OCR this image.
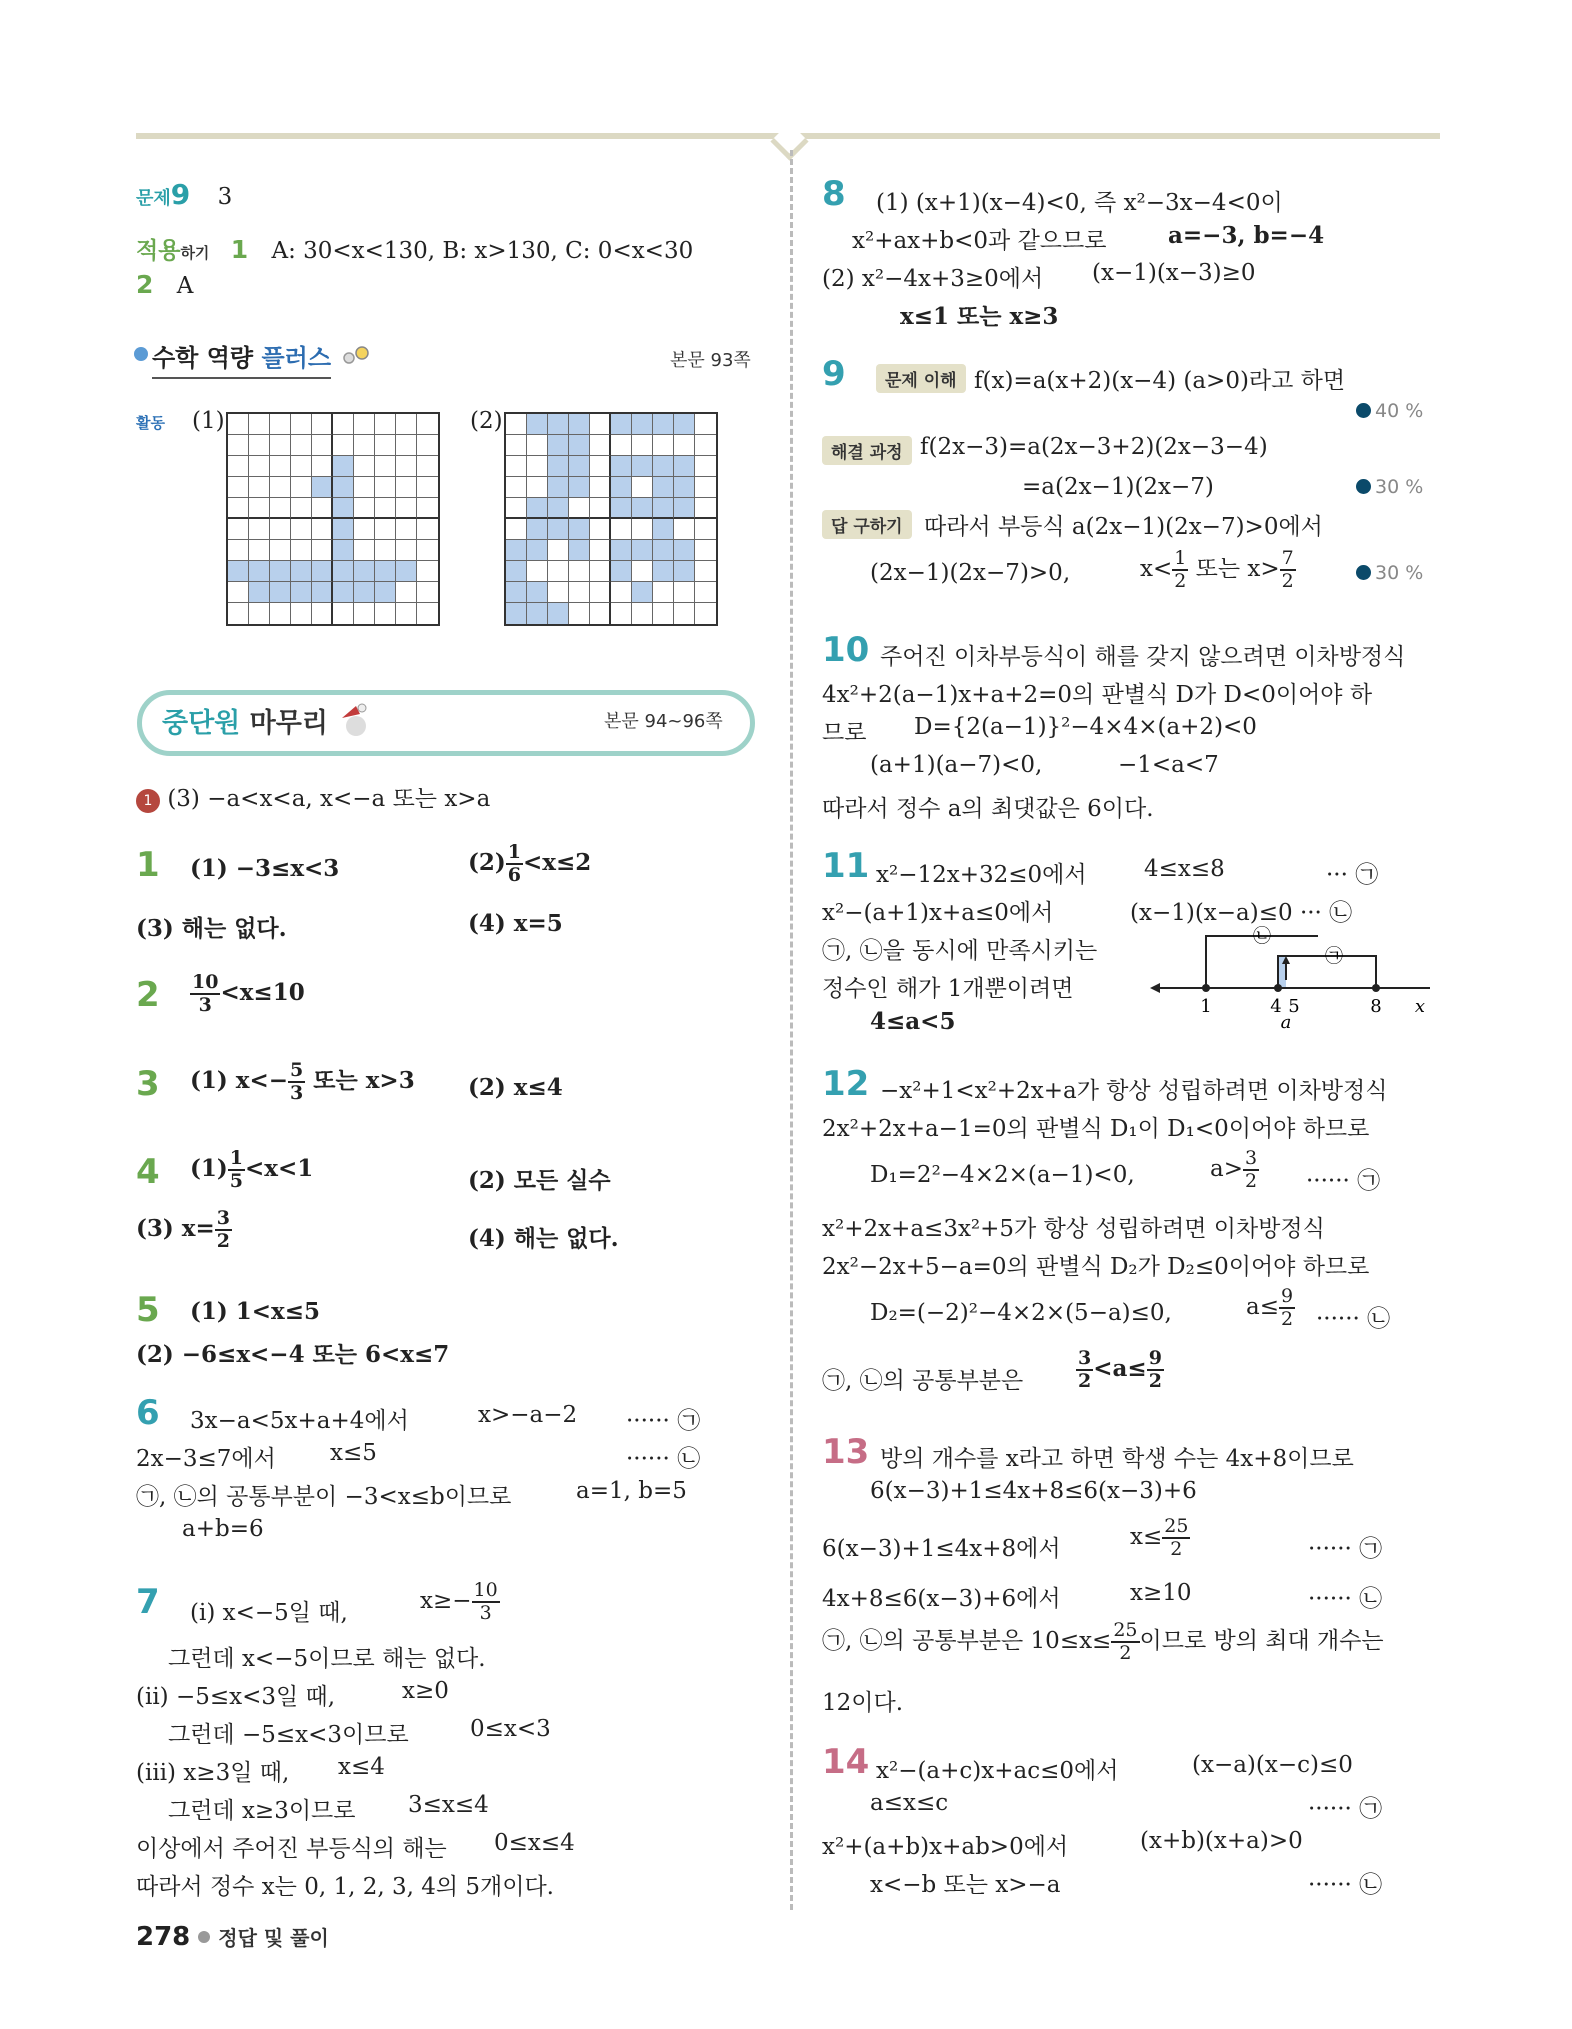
문제9 3
적용하기 1 A: 30<x<130, B: x>130, C: 0<x<30
2 A
수학 역량 플러스	본문 93쪽
활동 (1)	(2)
중단원 마무리	본문 94~96쪽
1 (3) −a<x<a, x<−a 또는 x>a
1 (1) −3≤x<3	$(2) \frac{1}{6} <x\le 2$
(3) 해는 없다.	(4) x=5
$2 \frac{10}{3} <x\le 10$
3 (1) $x<- \frac{5}{3}$ 또는 x>3 (2) x≤4
4 $(1) \frac{1}{5} <x<1$	(2) 모든 실수
(3) $x= \frac{3}{2}$	(4) 해는 없다.
5 (1) 1<x≤5
(2) −6≤x<−4 또는 6<x≤7
6 3x−a<5x+a+4에서	x>−a−2 ······ ㉠
2x−3≤7에서 x≤5	······ ㉡
㉠, ㉡의 공통부분이 −3<x≤b이므로	a=1, b=5
a+b=6
7 (ⅰ) x<−5일 때,	$x\ge- \frac{10}{3}$
그런데 x<−5이므로 해는 없다.
(ⅱ) −5≤x<3일 때,	x≥0
그런데 −5≤x<3이므로	0≤x<3
(ⅲ) x≥3일 때, x≤4
그런데 x≥3이므로 3≤x≤4
이상에서 주어진 부등식의 해는 0≤x≤4
따라서 정수 x는 0, 1, 2, 3, 4의 5개이다.
8 (1) (x+1)(x−4)<0, 즉 x²−3x−4<0이
x²+ax+b<0과 같으므로	a=−3, b=−4
(2) x²−4x+3≥0에서 (x−1)(x−3)≥0
x≤1 또는 x≥3
9	문제 이해 f(x)=a(x+2)(x−4) (a>0)라고 하면
40 %
해결 과정 f(2x−3)=a(2x−3+2)(2x−3−4)
=a(2x−1)(2x−7)	30 %
답 구하기 따라서 부등식 a(2x−1)(2x−7)>0에서
(2x−1)(2x−7)>0,	$x< \frac{1}{2}$ 또는 $x> \frac{7}{2}$	30 %
10 주어진 이차부등식이 해를 갖지 않으려면 이차방정식
4x²+2(a−1)x+a+2=0의 판별식 D가 D<0이어야 하
므로 D={2(a−1)}²−4×4×(a+2)<0
(a+1)(a−7)<0,	−1<a<7
따라서 정수 a의 최댓값은 6이다.
11 x²−12x+32≤0에서 4≤x≤8	··· ㉠
x²−(a+1)x+a≤0에서	(x−1)(x−a)≤0 ··· ㉡
㉠, ㉡을 동시에 만족시키는
정수인 해가 1개뿐이려면
4≤a<5
1	4 5	8 x
a
㉡
㉠
12 −x²+1<x²+2x+a가 항상 성립하려면 이차방정식
2x²+2x+a−1=0의 판별식 D₁이 D₁<0이어야 하므로
D₁=2²−4×2×(a−1)<0,	$a> \frac{3}{2}$ ······ ㉠
x²+2x+a≤3x²+5가 항상 성립하려면 이차방정식
2x²−2x+5−a=0의 판별식 D₂가 D₂≤0이어야 하므로
D₂=(−2)²−4×2×(5−a)≤0,	$a\le \frac{9}{2}$ ······ ㉡
㉠, ㉡의 공통부분은	$\frac{3}{2} <a\le \frac{9}{2}$
13 방의 개수를 x라고 하면 학생 수는 4x+8이므로
6(x−3)+1≤4x+8≤6(x−3)+6
6(x−3)+1≤4x+8에서	$x\le \frac{25}{2}$	······ ㉠
4x+8≤6(x−3)+6에서	x≥10	······ ㉡
㉠, ㉡의 공통부분은 $10\le x\le \frac{25}{2}$ 이므로 방의 최대 개수는
12이다.
14 x²−(a+c)x+ac≤0에서	(x−a)(x−c)≤0
a≤x≤c	······ ㉠
x²+(a+b)x+ab>0에서	(x+b)(x+a)>0
x<−b 또는 x>−a	······ ㉡
278 정답 및 풀이
